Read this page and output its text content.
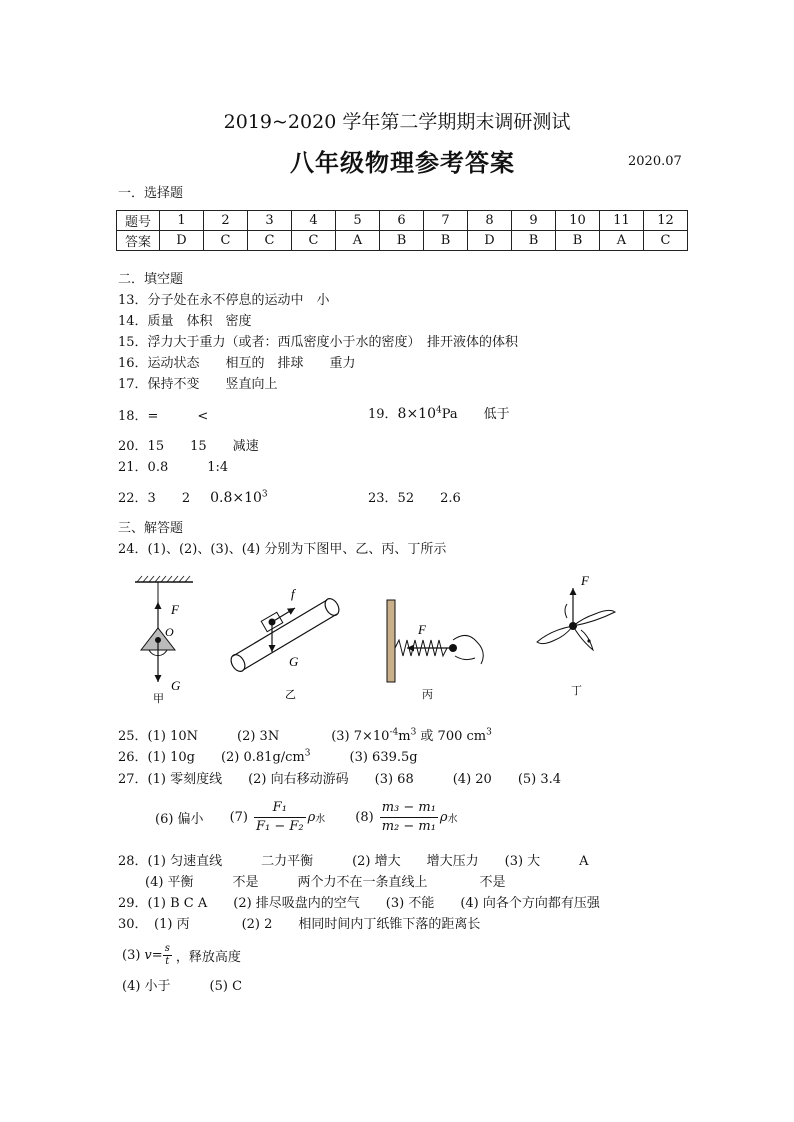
2019~2020 学年第二学期期末调研测试
八年级物理参考答案	2020.07
一．选择题
题号	1	2	3	4	5	6	7	8	9	10	11	12
答案	D	C	C	C	A	B	B	D	B	B	A	C
二．填空题
13．分子处在永不停息的运动中　小
14．质量　体积　密度
15．浮力大于重力（或者：西瓜密度小于水的密度）　排开液体的体积
16．运动状态　　相互的　排球　　重力
17．保持不变　　竖直向上
18．=　　　<	19．$8\times 10^4Pa$　　低于
20．15　　15　　减速
21．0.8　　　1:4
22．3　　2 $0.8\times 10^3$	23．52　　2.6
三、解答题
24．(1)、(2)、(3)、(4) 分别为下图甲、乙、丙、丁所示
F
O
G
甲
f
G
乙
F
丙
F
丁
25．(1) 10N　　　(2) 3N　　　　(3) $7\times 10^{-4}m^3$ 或 700 $cm^3$
26．(1) 10g　　(2) $0.81g/cm^3$　　　(3) 639.5g
27．(1) 零刻度线　　(2) 向右移动游码　　(3) 68　　　(4) 20　　(5) 3.4
(6) 偏小 $(7) \frac{\text{F₁}}{\text{F₁ − F₂}}$ ρ 水 $(8) \frac{\text{m₃ − m₁}}{\text{m₂ − m₁}}$ ρ 水
28．(1) 匀速直线　　　二力平衡　　　(2) 增大　　增大压力　　(3) 大　　　A
(4) 平衡　　　不是　　　两个力不在一条直线上　　　　不是
29．(1) B C A　　(2) 排尽吸盘内的空气　　(3) 不能　　(4) 向各个方向都有压强
30．　(1) 丙　　　　(2) 2　　相同时间内丁纸锥下落的距离长
(3) $v = \frac{s}{t}$ ，释放高度
(4) 小于　　　(5) C
